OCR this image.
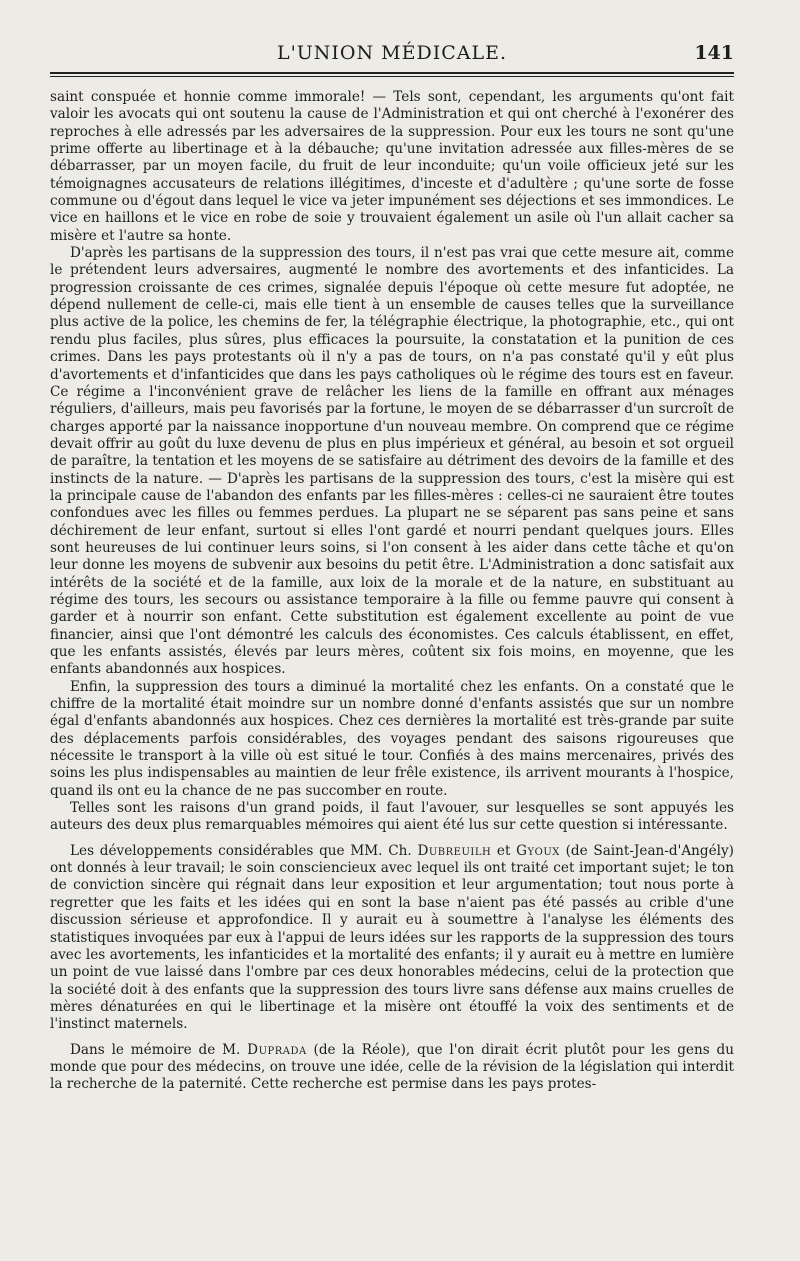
L'UNION MÉDICALE.	141

saint conspuée et honnie comme immorale! — Tels sont, cependant, les arguments qu'ont fait valoir les avocats qui ont soutenu la cause de l'Administration et qui ont cherché à l'exonérer des reproches à elle adressés par les adversaires de la suppression. Pour eux les tours ne sont qu'une prime offerte au libertinage et à la débauche; qu'une invitation adressée aux filles-mères de se débarrasser, par un moyen facile, du fruit de leur inconduite; qu'un voile officieux jeté sur les témoignagnes accusateurs de relations illégitimes, d'inceste et d'adultère ; qu'une sorte de fosse commune ou d'égout dans lequel le vice va jeter impunément ses déjections et ses immondices. Le vice en haillons et le vice en robe de soie y trouvaient également un asile où l'un allait cacher sa misère et l'autre sa honte.

D'après les partisans de la suppression des tours, il n'est pas vrai que cette mesure ait, comme le prétendent leurs adversaires, augmenté le nombre des avortements et des infanticides. La progression croissante de ces crimes, signalée depuis l'époque où cette mesure fut adoptée, ne dépend nullement de celle-ci, mais elle tient à un ensemble de causes telles que la surveillance plus active de la police, les chemins de fer, la télégraphie électrique, la photographie, etc., qui ont rendu plus faciles, plus sûres, plus efficaces la poursuite, la constatation et la punition de ces crimes. Dans les pays protestants où il n'y a pas de tours, on n'a pas constaté qu'il y eût plus d'avortements et d'infanticides que dans les pays catholiques où le régime des tours est en faveur. Ce régime a l'inconvénient grave de relâcher les liens de la famille en offrant aux ménages réguliers, d'ailleurs, mais peu favorisés par la fortune, le moyen de se débarrasser d'un surcroît de charges apporté par la naissance inopportune d'un nouveau membre. On comprend que ce régime devait offrir au goût du luxe devenu de plus en plus impérieux et général, au besoin et sot orgueil de paraître, la tentation et les moyens de se satisfaire au détriment des devoirs de la famille et des instincts de la nature. — D'après les partisans de la suppression des tours, c'est la misère qui est la principale cause de l'abandon des enfants par les filles-mères : celles-ci ne sauraient être toutes confondues avec les filles ou femmes perdues. La plupart ne se séparent pas sans peine et sans déchirement de leur enfant, surtout si elles l'ont gardé et nourri pendant quelques jours. Elles sont heureuses de lui continuer leurs soins, si l'on consent à les aider dans cette tâche et qu'on leur donne les moyens de subvenir aux besoins du petit être. L'Administration a donc satisfait aux intérêts de la société et de la famille, aux loix de la morale et de la nature, en substituant au régime des tours, les secours ou assistance temporaire à la fille ou femme pauvre qui consent à garder et à nourrir son enfant. Cette substitution est également excellente au point de vue financier, ainsi que l'ont démontré les calculs des économistes. Ces calculs établissent, en effet, que les enfants assistés, élevés par leurs mères, coûtent six fois moins, en moyenne, que les enfants abandonnés aux hospices.

Enfin, la suppression des tours a diminué la mortalité chez les enfants. On a constaté que le chiffre de la mortalité était moindre sur un nombre donné d'enfants assistés que sur un nombre égal d'enfants abandonnés aux hospices. Chez ces dernières la mortalité est très-grande par suite des déplacements parfois considérables, des voyages pendant des saisons rigoureuses que nécessite le transport à la ville où est situé le tour. Confiés à des mains mercenaires, privés des soins les plus indispensables au maintien de leur frêle existence, ils arrivent mourants à l'hospice, quand ils ont eu la chance de ne pas succomber en route.

Telles sont les raisons d'un grand poids, il faut l'avouer, sur lesquelles se sont appuyés les auteurs des deux plus remarquables mémoires qui aient été lus sur cette question si intéressante.

Les développements considérables que MM. Ch. Dubreuilh et Gyoux (de Saint-Jean-d'Angély) ont donnés à leur travail; le soin consciencieux avec lequel ils ont traité cet important sujet; le ton de conviction sincère qui régnait dans leur exposition et leur argumentation; tout nous porte à regretter que les faits et les idées qui en sont la base n'aient pas été passés au crible d'une discussion sérieuse et approfondice. Il y aurait eu à soumettre à l'analyse les éléments des statistiques invoquées par eux à l'appui de leurs idées sur les rapports de la suppression des tours avec les avortements, les infanticides et la mortalité des enfants; il y aurait eu à mettre en lumière un point de vue laissé dans l'ombre par ces deux honorables médecins, celui de la protection que la société doit à des enfants que la suppression des tours livre sans défense aux mains cruelles de mères dénaturées en qui le libertinage et la misère ont étouffé la voix des sentiments et de l'instinct maternels.

Dans le mémoire de M. Duprada (de la Réole), que l'on dirait écrit plutôt pour les gens du monde que pour des médecins, on trouve une idée, celle de la révision de la législation qui interdit la recherche de la paternité. Cette recherche est permise dans les pays protes-
